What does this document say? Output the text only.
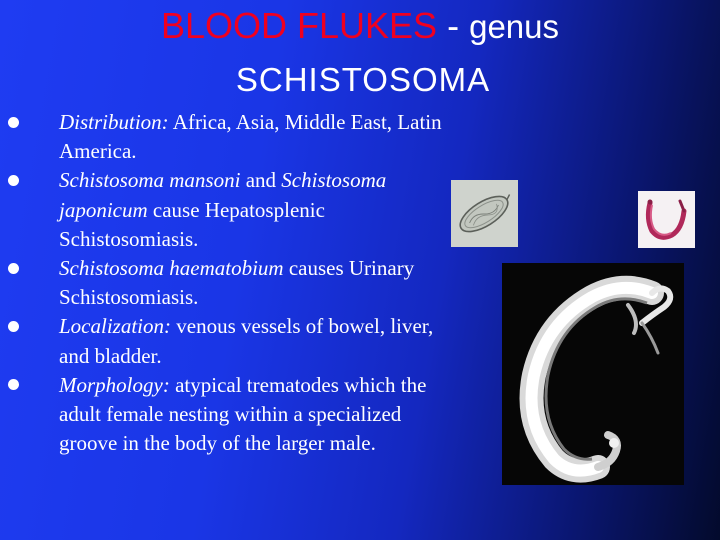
BLOOD FLUKES - genus
SCHISTOSOMA
Distribution: Africa, Asia, Middle East, Latin America.
Schistosoma mansoni and Schistosoma japonicum cause Hepatosplenic Schistosomiasis.
Schistosoma haematobium causes Urinary Schistosomiasis.
Localization: venous vessels of bowel, liver, and bladder.
Morphology: atypical trematodes which the adult female nesting within a specialized groove in the body of the larger male.
